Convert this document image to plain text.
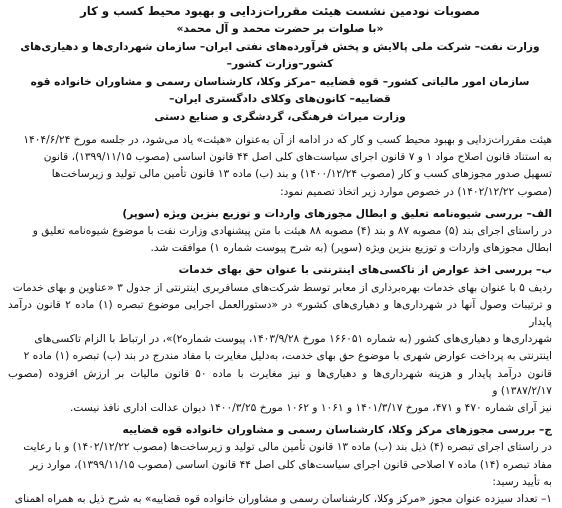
مصوبات نودمین نشست هیئت مقررات‌زدایی و بهبود محیط کسب و کار
«با صلوات بر حضرت محمد و آل محمد»

وزارت نفت– شرکت ملی پالایش و پخش فرآورده‌های نفتی ایران– سازمان شهرداری‌ها و دهیاری‌های کشور–وزارت کشور–

سازمان امور مالیاتی کشور– قوه قضاییه –مرکز وکلا، کارشناسان رسمی و مشاوران خانواده قوه قضاییه– کانون‌های وکلای دادگستری ایران–

وزارت میراث فرهنگی، گردشگری و صنایع دستی

هیئت مقررات‌زدایی و بهبود محیط کسب و کار که در ادامه از آن به‌عنوان «هیئت» یاد می‌شود، در جلسه مورخ ۱۴۰۴/۶/۲۴

به استناد قانون اصلاح مواد ۱ و ۷ قانون اجرای سیاست‌های کلی اصل ۴۴ قانون اساسی (مصوب ۱۳۹۹/۱۱/۱۵)، قانون

تسهیل صدور مجوزهای کسب و کار (مصوب ۱۴۰۰/۱۲/۲۴) و بند (ب) ماده ۱۳ قانون تأمین مالی تولید و زیرساخت‌ها

(مصوب ۱۴۰۲/۱۲/۲۲) در خصوص موارد زیر اتخاذ تصمیم نمود:

الف– بررسی شیوه‌نامه تعلیق و ابطال مجوزهای واردات و توزیع بنزین ویژه (سوپر)

در راستای اجرای بند (۵) مصوبه ۸۷ و بند (۴) مصوبه ۸۸ هیئت با متن پیشنهادی وزارت نفت با موضوع شیوه‌نامه تعلیق و

ابطال مجوزهای واردات و توزیع بنزین ویژه (سوپر) (به شرح پیوست شماره ۱) موافقت شد.

ب– بررسی اخذ عوارض از تاکسی‌های اینترنتی با عنوان حق بهای خدمات

ردیف ۵ با عنوان بهای خدمات بهره‌برداری از معابر توسط شرکت‌های مسافربری اینترنتی از جدول ۳ «عناوین و بهای خدمات

و ترتیبات وصول آنها در شهرداری‌ها و دهیاری‌های کشور» در «دستورالعمل اجرایی موضوع تبصره (۱) ماده ۲ قانون درآمد پایدار

شهرداری‌ها و دهیاری‌های کشور (به شماره ۱۶۶۰۵۱ مورخ ۱۴۰۳/۹/۲۸، پیوست شماره۲)»، در ارتباط با الزام تاکسی‌های

اینترنتی به پرداخت عوارض شهری با موضوع حق بهای خدمت، به‌دلیل مغایرت با مفاد مندرج در بند (ب) تبصره (۱) ماده ۲

قانون درآمد پایدار و هزینه شهرداری‌ها و دهیاری‌ها و نیز مغایرت با ماده ۵۰ قانون مالیات بر ارزش افزوده (مصوب ۱۳۸۷/۲/۱۷) و

نیز آرای شماره ۴۷۰ و ۴۷۱، مورخ ۱۴۰۱/۳/۱۷ و ۱۰۶۱ و ۱۰۶۲ مورخ ۱۴۰۰/۳/۲۵ دیوان عدالت اداری نافذ نیست.

ج– بررسی مجوزهای مرکز وکلا، کارشناسان رسمی و مشاوران خانواده قوه قضاییه

در راستای اجرای تبصره (۴) ذیل بند (ب) ماده ۱۳ قانون تأمین مالی تولید و زیرساخت‌ها (مصوب ۱۴۰۲/۱۲/۲۲) و با رعایت

مفاد تبصره (۱۴) ماده ۷ اصلاحی قانون اجرای سیاست‌های کلی اصل ۴۴ قانون اساسی (مصوب ۱۳۹۹/۱۱/۱۵)، موارد زیر

به تأیید رسید:

۱– تعداد سیزده عنوان مجوز «مرکز وکلا، کارشناسان رسمی و مشاوران خانواده قوه قضاییه» به شرح ذیل به همراه اهمنای
